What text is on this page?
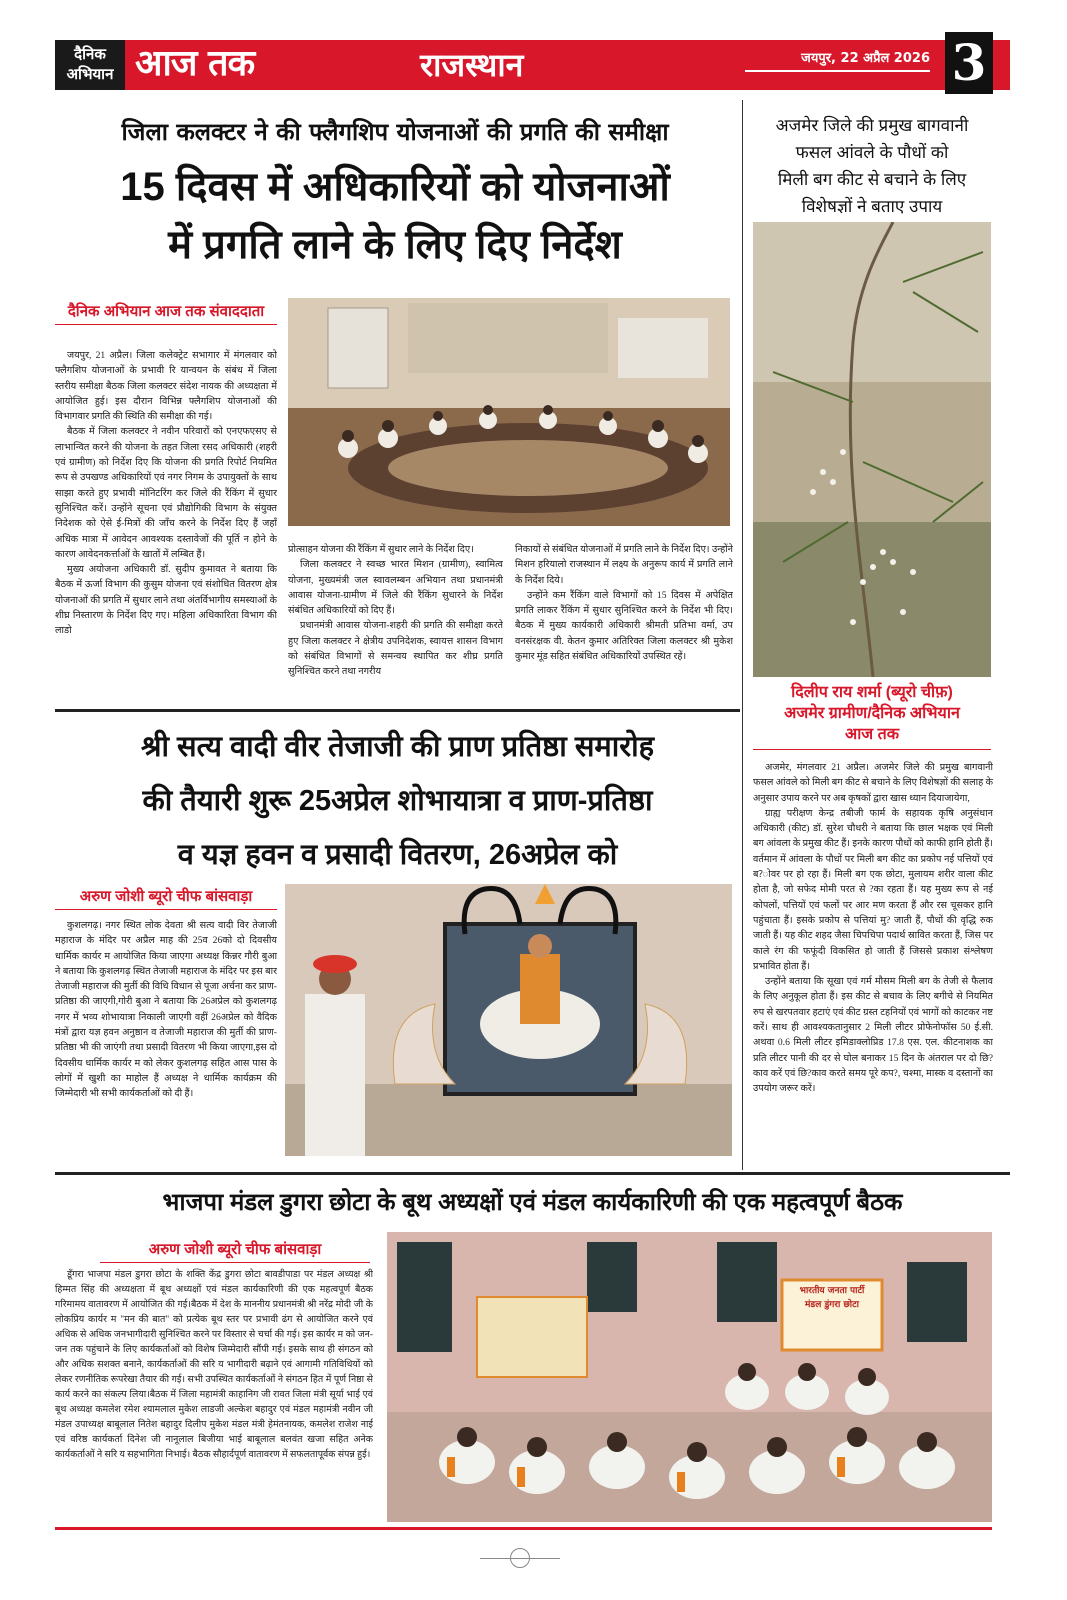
दैनिक
अभियान आज तक	राजस्थान	जयपुर, 22 अप्रैल 2026 3
जिला कलक्टर ने की फ्लैगशिप योजनाओं की प्रगति की समीक्षा
15 दिवस में अधिकारियों को योजनाओं
में प्रगति लाने के लिए दिए निर्देश
दैनिक अभियान आज तक संवाददाता

जयपुर, 21 अप्रैल। जिला कलेक्ट्रेट सभागार में मंगलवार को फ्लैगशिप योजनाओं के प्रभावी रि यान्वयन के संबंध में जिला स्तरीय समीक्षा बैठक जिला कलक्टर संदेश नायक की अध्यक्षता में आयोजित हुई। इस दौरान विभिन्न फ्लैगशिप योजनाओं की विभागवार प्रगति की स्थिति की समीक्षा की गई।

बैठक में जिला कलक्टर ने नवीन परिवारों को एनएफएसए से लाभान्वित करने की योजना के तहत जिला रसद अधिकारी (शहरी एवं ग्रामीण) को निर्देश दिए कि योजना की प्रगति रिपोर्ट नियमित रूप से उपखण्ड अधिकारियों एवं नगर निगम के उपायुक्तों के साथ साझा करते हुए प्रभावी मॉनिटरिंग कर जिले की रैंकिंग में सुधार सुनिश्चित करें। उन्होंने सूचना एवं प्रौद्योगिकी विभाग के संयुक्त निदेशक को ऐसे ई-मित्रों की जाँच करने के निर्देश दिए हैं जहाँ अधिक मात्रा में आवेदन आवश्यक दस्तावेजों की पूर्ति न होने के कारण आवेदनकर्त्ताओं के खातों में लम्बित हैं।

मुख्य अयोजना अधिकारी डॉ. सुदीप कुमावत ने बताया कि बैठक में ऊर्जा विभाग की कुसुम योजना एवं संशोधित वितरण क्षेत्र योजनाओं की प्रगति में सुधार लाने तथा अंतर्विभागीय समस्याओं के शीघ्र निस्तारण के निर्देश दिए गए। महिला अधिकारिता विभाग की लाडो

प्रोत्साहन योजना की रैंकिंग में सुधार लाने के निर्देश दिए।

जिला कलक्टर ने स्वच्छ भारत मिशन (ग्रामीण), स्वामित्व योजना, मुख्यमंत्री जल स्वावलम्बन अभियान तथा प्रधानमंत्री आवास योजना-ग्रामीण में जिले की रैंकिंग सुधारने के निर्देश संबंधित अधिकारियों को दिए हैं।

प्रधानमंत्री आवास योजना-शहरी की प्रगति की समीक्षा करते हुए जिला कलक्टर ने क्षेत्रीय उपनिदेशक, स्वायत्त शासन विभाग को संबंधित विभागों से समन्वय स्थापित कर शीघ्र प्रगति सुनिश्चित करने तथा नगरीय

निकायों से संबंधित योजनाओं में प्रगति लाने के निर्देश दिए। उन्होंने मिशन हरियालो राजस्थान में लक्ष्य के अनुरूप कार्य में प्रगति लाने के निर्देश दिये।

उन्होंने कम रैंकिंग वाले विभागों को 15 दिवस में अपेक्षित प्रगति लाकर रैंकिंग में सुधार सुनिश्चित करने के निर्देश भी दिए। बैठक में मुख्य कार्यकारी अधिकारी श्रीमती प्रतिभा वर्मा, उप वनसंरक्षक वी. केतन कुमार अतिरिक्त जिला कलक्टर श्री मुकेश कुमार मूंड सहित संबंधित अधिकारियों उपस्थित रहें।

अजमेर जिले की प्रमुख बागवानी
फसल आंवले के पौधों को
मिली बग कीट से बचाने के लिए
विशेषज्ञों ने बताए उपाय
दिलीप राय शर्मा (ब्यूरो चीफ़)
अजमेर ग्रामीण/दैनिक अभियान
आज तक

अजमेर, मंगलवार 21 अप्रैल। अजमेर जिले की प्रमुख बागवानी फसल आंवले को मिली बग कीट से बचाने के लिए विशेषज्ञों की सलाह के अनुसार उपाय करने पर अब कृषकों द्वारा खास ध्यान दियाजायेगा,

ग्राह्य परीक्षण केन्द्र तबीजी फार्म के सहायक कृषि अनुसंधान अधिकारी (कीट) डॉ. सुरेश चौधरी ने बताया कि छाल भक्षक एवं मिली बग आंवला के प्रमुख कीट हैं। इनके कारण पौधों को काफी हानि होती हैं। वर्तमान में आंवला के पौधों पर मिली बग कीट का प्रकोप नई पत्तियों एवं ब?ोवर पर हो रहा हैं। मिली बग एक छोटा, मुलायम शरीर वाला कीट होता है, जो सफेद मोमी परत से ?का रहता हैं। यह मुख्य रूप से नई कोपलों, पत्तियों एवं फलों पर आर मण करता हैं और रस चूसकर हानि पहुंचाता हैं। इसके प्रकोप से पत्तियां मु? जाती हैं, पौधों की वृद्धि रुक जाती हैं। यह कीट शहद जैसा चिपचिपा पदार्थ स्रावित करता हैं, जिस पर काले रंग की फफूंदी विकसित हो जाती हैं जिससे प्रकाश संश्लेषण प्रभावित होता हैं।

उन्होंने बताया कि सूखा एवं गर्म मौसम मिली बग के तेजी से फैलाव के लिए अनुकूल होता हैं। इस कीट से बचाव के लिए बगीचे से नियमित रुप से खरपतवार हटाएं एवं कीट ग्रस्त टहनियों एवं भागों को काटकर नष्ट करें। साथ ही आवश्यकतानुसार 2 मिली लीटर प्रोफेनोफॉस 50 ई.सी. अथवा 0.6 मिली लीटर इमिडाक्लोप्रिड 17.8 एस. एल. कीटनाशक का प्रति लीटर पानी की दर से घोल बनाकर 15 दिन के अंतराल पर दो छि?काव करें एवं छि?काव करते समय पूरे कप?, चश्मा, मास्क व दस्तानों का उपयोग जरूर करें।

श्री सत्य वादी वीर तेजाजी की प्राण प्रतिष्ठा समारोह
की तैयारी शुरू 25अप्रेल शोभायात्रा व प्राण-प्रतिष्ठा
व यज्ञ हवन व प्रसादी वितरण, 26अप्रेल को
अरुण जोशी ब्यूरो चीफ बांसवाड़ा

कुशलगढ़। नगर स्थित लोक देवता श्री सत्य वादी विर तेजाजी महाराज के मंदिर पर अप्रैल माह की 25व 26को दो दिवसीय धार्मिक कार्यर म आयोजित किया जाएगा अध्यक्ष किन्नर गौरी बुआ ने बताया कि कुशलगढ़ स्थित तेजाजी महाराज के मंदिर पर इस बार तेजाजी महाराज की मुर्ती की विधि विधान से पूजा अर्चना कर प्राण-प्रतिष्ठा की जाएगी,गोरी बुआ ने बताया कि 26अप्रेल को कुशलगढ़ नगर में भव्य शोभायात्रा निकाली जाएगी वहीं 26अप्रेल को वैदिक मंत्रों द्वारा यज्ञ हवन अनुष्ठान व तेजाजी महाराज की मुर्ती की प्राण-प्रतिष्ठा भी की जाएंगी तथा प्रसादी वितरण भी किया जाएगा,इस दो दिवसीय धार्मिक कार्यर म को लेकर कुशलगढ़ सहित आस पास के लोगों में खुशी का माहोल हैं अध्यक्ष ने धार्मिक कार्यक्रम की जिम्मेदारी भी सभी कार्यकर्ताओं को दी हैं।

भाजपा मंडल डुगरा छोटा के बूथ अध्यक्षों एवं मंडल कार्यकारिणी की एक महत्वपूर्ण बैठक
अरुण जोशी ब्यूरो चीफ बांसवाड़ा

डूँगरा भाजपा मंडल डुगरा छोटा के शक्ति केंद्र डुगरा छोटा बावडीपाडा पर मंडल अध्यक्ष श्री हिम्मत सिंह की अध्यक्षता में बूथ अध्यक्षों एवं मंडल कार्यकारिणी की एक महत्वपूर्ण बैठक गरिमामय वातावरण में आयोजित की गई।बैठक में देश के माननीय प्रधानमंत्री श्री नरेंद्र मोदी जी के लोकप्रिय कार्यर म "मन की बात" को प्रत्येक बूथ स्तर पर प्रभावी ढंग से आयोजित करने एवं अधिक से अधिक जनभागीदारी सुनिश्चित करने पर विस्तार से चर्चा की गई। इस कार्यर म को जन-जन तक पहुंचाने के लिए कार्यकर्ताओं को विशेष जिम्मेदारी सौंपी गई। इसके साथ ही संगठन को और अधिक सशक्त बनाने, कार्यकर्ताओं की सरि य भागीदारी बढ़ाने एवं आगामी गतिविधियों को लेकर रणनीतिक रूपरेखा तैयार की गई। सभी उपस्थित कार्यकर्ताओं ने संगठन हित में पूर्ण निष्ठा से कार्य करने का संकल्प लिया।बैठक में जिला महामंत्री काहानिग जी रावत जिला मंत्री सूर्या भाई एवं बूथ अध्यक्ष कमलेश रमेश श्यामलाल मुकेश लाडजी अल्केश बहादुर एवं मंडल महामंत्री नवीन जी मंडल उपाध्यक्ष बाबूलाल नितेश बहादुर दिलीप मुकेश मंडल मंत्री हेमंतनायक, कमलेश राजेश नाई एवं वरिष्ठ कार्यकर्ता दिनेश जी नानूलाल बिजीया भाई बाबूलाल बलवंत खजा सहित अनेक कार्यकर्ताओं ने सरि य सहभागिता निभाई। बैठक सौहार्दपूर्ण वातावरण में सफलतापूर्वक संपन्न हुई।

भारतीय जनता पार्टी
मंडल डुंगरा छोटा
